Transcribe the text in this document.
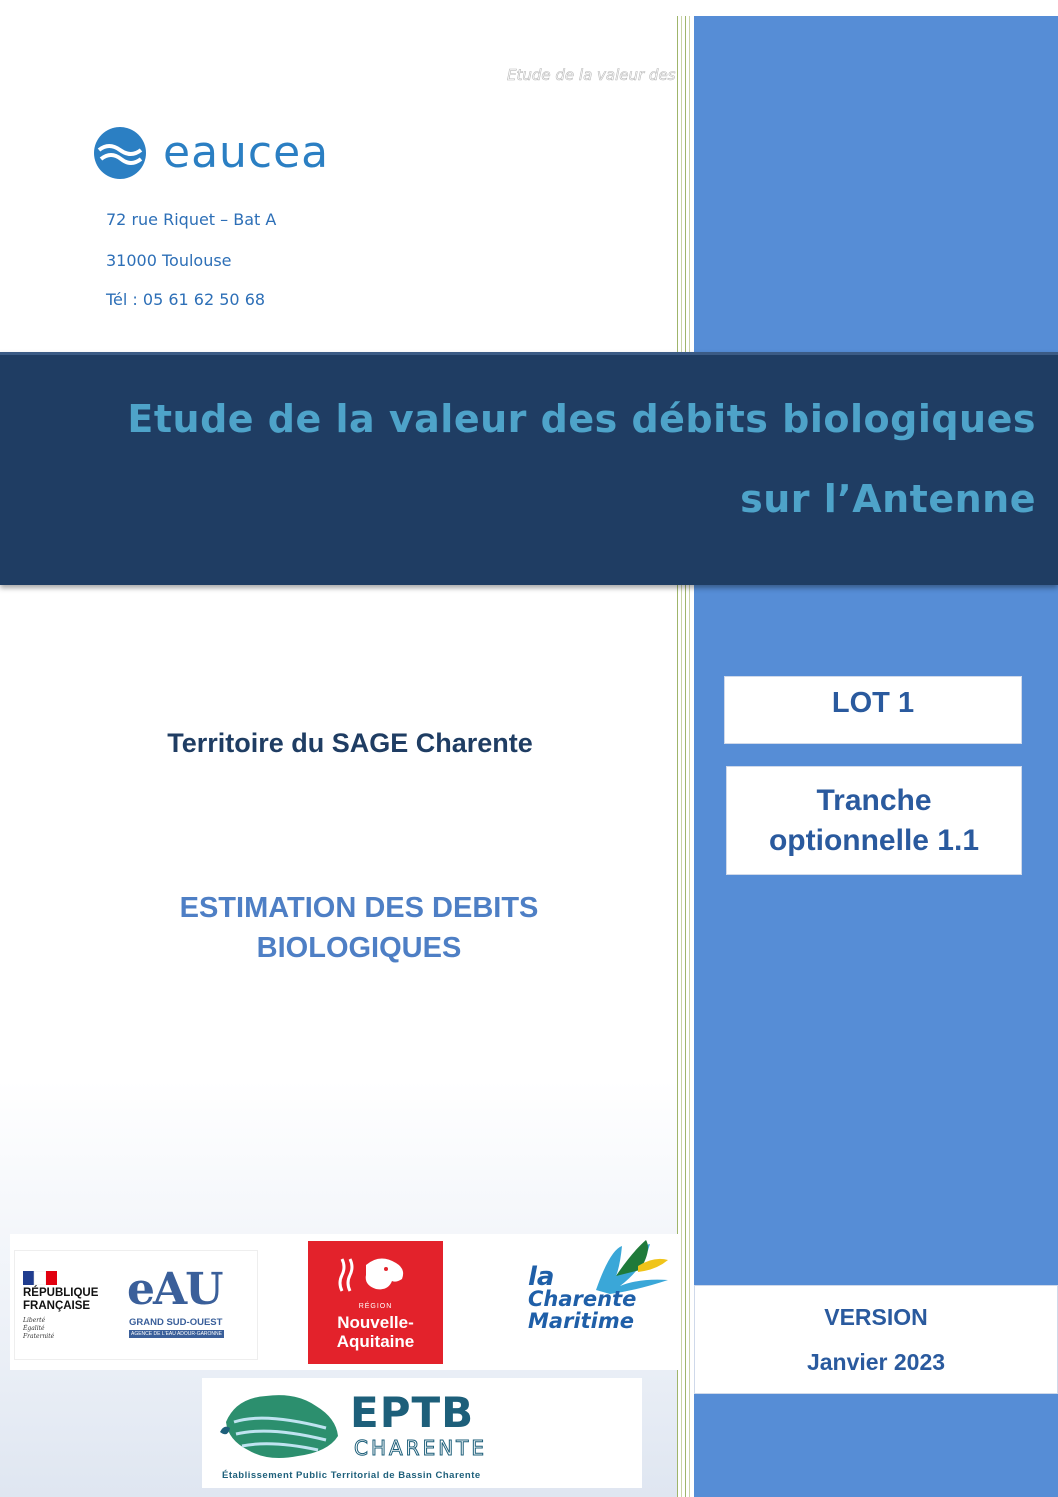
Etude de la valeur des
eaucea
72 rue Riquet – Bat A
31000 Toulouse
Tél : 05 61 62 50 68
Etude de la valeur des débits biologiques
sur l’Antenne
Territoire du SAGE Charente
ESTIMATION DES DEBITS
BIOLOGIQUES
LOT 1
Tranche
optionnelle 1.1
VERSION
Janvier 2023
RÉPUBLIQUE
FRANÇAISE
Liberté
Égalité
Fraternité
eAU
GRAND SUD-OUEST
AGENCE DE L'EAU ADOUR-GARONNE
RÉGION
Nouvelle-
Aquitaine
la
Charente
Maritime
EPTB
CHARENTE
Établissement Public Territorial de Bassin Charente
